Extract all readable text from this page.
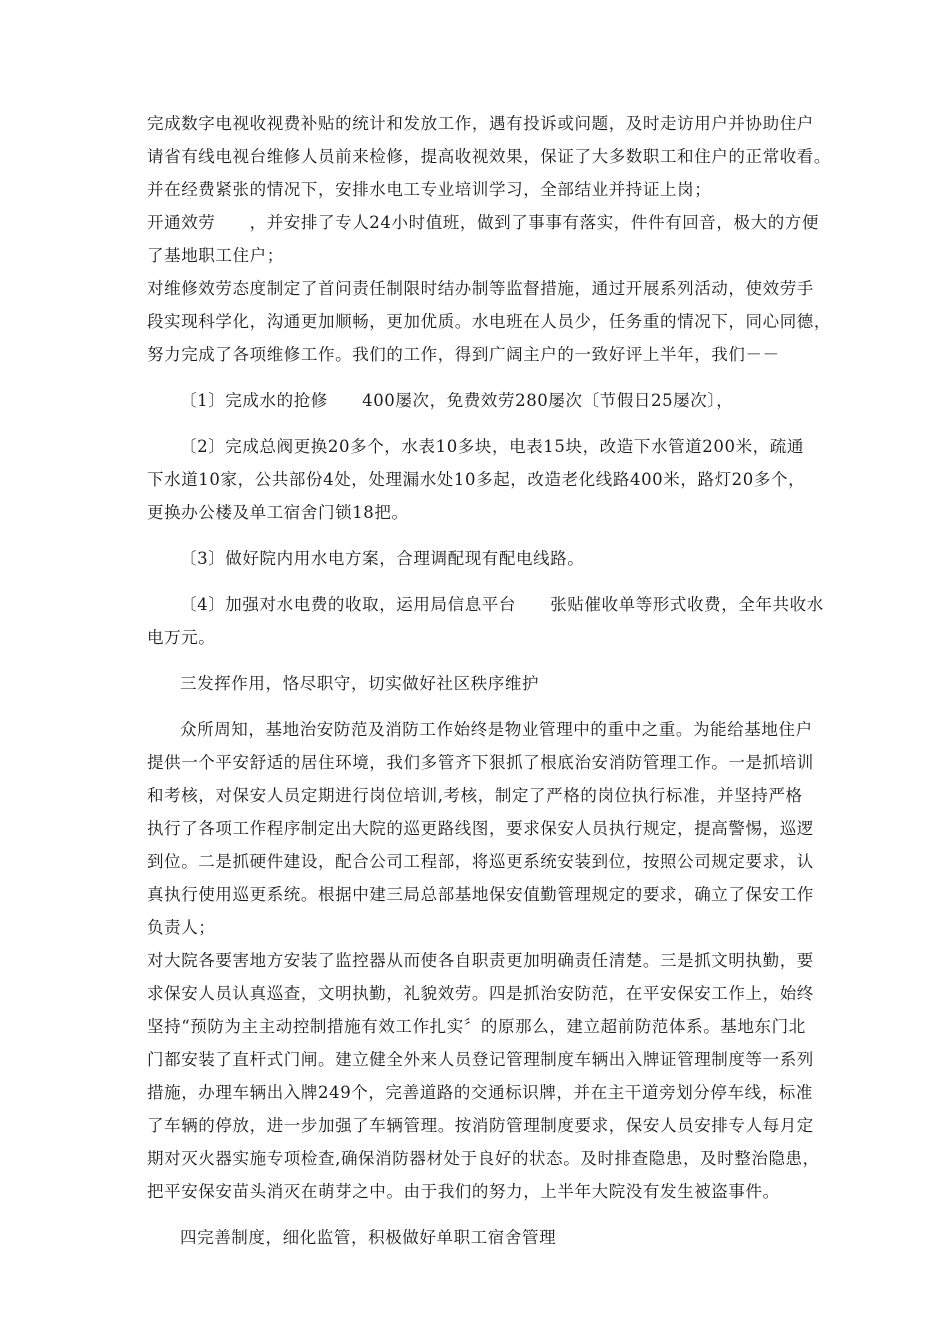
完成数字电视收视费补贴的统计和发放工作，遇有投诉或问题，及时走访用户并协助住户
请省有线电视台维修人员前来检修，提高收视效果，保证了大多数职工和住户的正常收看。
并在经费紧张的情况下，安排水电工专业培训学习，全部结业并持证上岗；
开通效劳　　，并安排了专人24小时值班，做到了事事有落实，件件有回音，极大的方便
了基地职工住户；
对维修效劳态度制定了首问责任制限时结办制等监督措施，通过开展系列活动，使效劳手
段实现科学化，沟通更加顺畅，更加优质。水电班在人员少，任务重的情况下，同心同德，
努力完成了各项维修工作。我们的工作，得到广阔主户的一致好评上半年，我们－－
〔1〕完成水的抢修　　400屡次，免费效劳280屡次〔节假日25屡次〕，
〔2〕完成总阀更换20多个，水表10多块，电表15块，改造下水管道200米，疏通
下水道10家，公共部份4处，处理漏水处10多起，改造老化线路400米，路灯20多个，
更换办公楼及单工宿舍门锁18把。
〔3〕做好院内用水电方案，合理调配现有配电线路。
〔4〕加强对水电费的收取，运用局信息平台　　张贴催收单等形式收费，全年共收水
电万元。
三发挥作用，恪尽职守，切实做好社区秩序维护
众所周知，基地治安防范及消防工作始终是物业管理中的重中之重。为能给基地住户
提供一个平安舒适的居住环境，我们多管齐下狠抓了根底治安消防管理工作。一是抓培训
和考核，对保安人员定期进行岗位培训,考核，制定了严格的岗位执行标准，并坚持严格
执行了各项工作程序制定出大院的巡更路线图，要求保安人员执行规定，提高警惕，巡逻
到位。二是抓硬件建设，配合公司工程部，将巡更系统安装到位，按照公司规定要求，认
真执行使用巡更系统。根据中建三局总部基地保安值勤管理规定的要求，确立了保安工作
负责人；
对大院各要害地方安装了监控器从而使各自职责更加明确责任清楚。三是抓文明执勤，要
求保安人员认真巡查，文明执勤，礼貌效劳。四是抓治安防范，在平安保安工作上，始终
坚持“预防为主主动控制措施有效工作扎实〞的原那么，建立超前防范体系。基地东门北
门都安装了直杆式门闸。建立健全外来人员登记管理制度车辆出入牌证管理制度等一系列
措施，办理车辆出入牌249个，完善道路的交通标识牌，并在主干道旁划分停车线，标准
了车辆的停放，进一步加强了车辆管理。按消防管理制度要求，保安人员安排专人每月定
期对灭火器实施专项检查,确保消防器材处于良好的状态。及时排查隐患，及时整治隐患，
把平安保安苗头消灭在萌芽之中。由于我们的努力，上半年大院没有发生被盗事件。
四完善制度，细化监管，积极做好单职工宿舍管理
